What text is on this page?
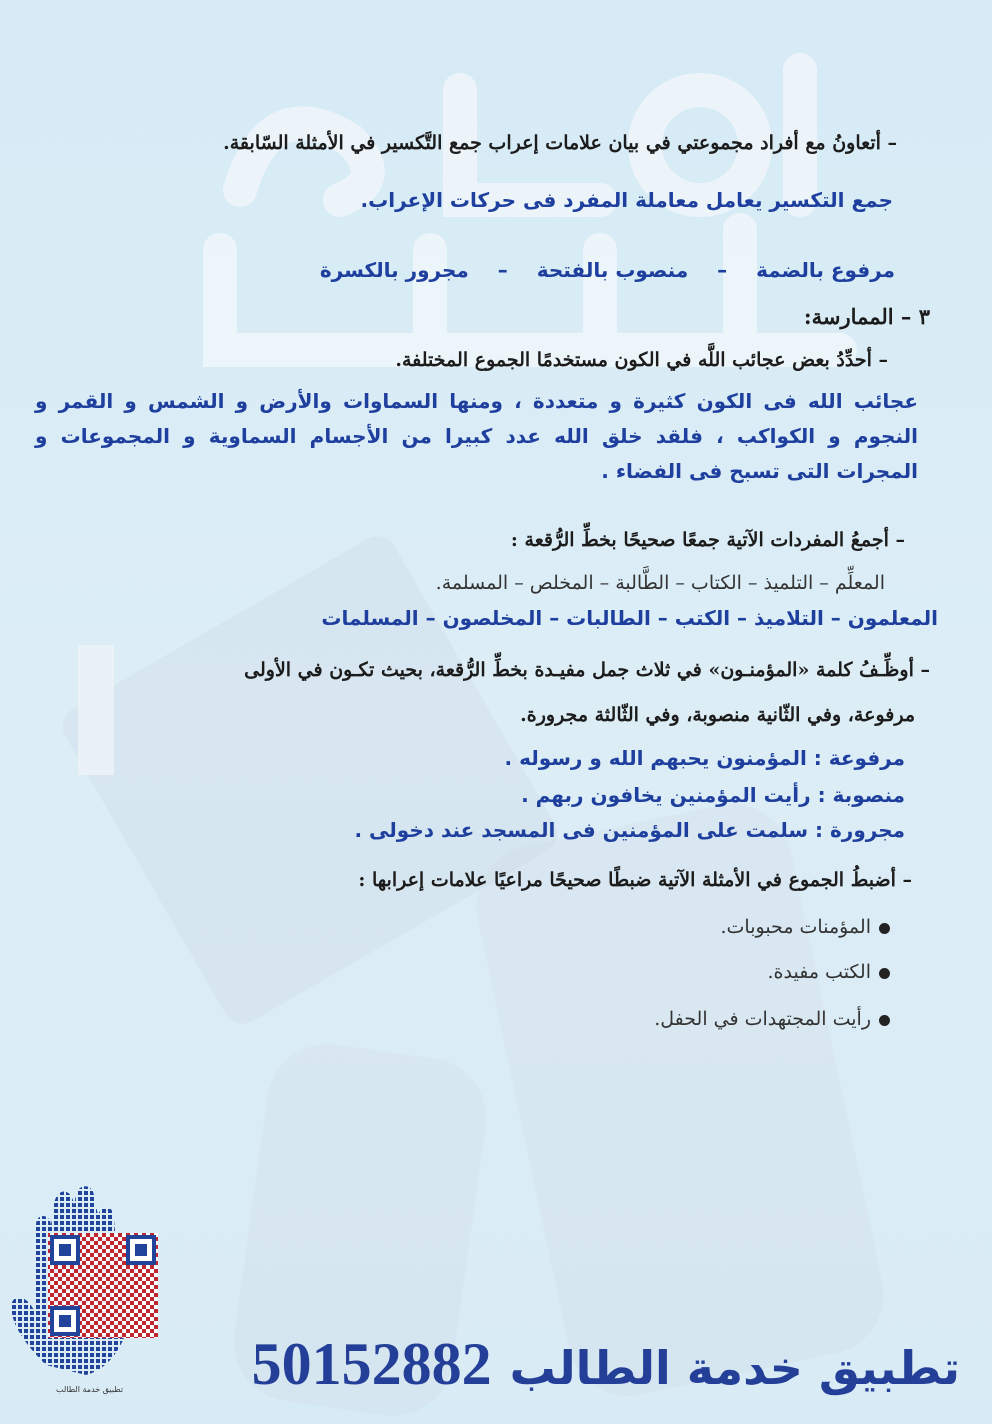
– أتعاونُ مع أفراد مجموعتي في بيان علامات إعراب جمع التَّكسير في الأمثلة السّابقة.
جمع التكسير يعامل معاملة المفرد فى حركات الإعراب.
مرفوع بالضمة – منصوب بالفتحة – مجرور بالكسرة
٣ – الممارسة:
– أحدِّدُ بعض عجائب اللَّه في الكون مستخدمًا الجموع المختلفة.
عجائب الله فى الكون كثيرة و متعددة ، ومنها السماوات والأرض و الشمس و القمر و النجوم و الكواكب ، فلقد خلق الله عدد كبيرا من الأجسام السماوية و المجموعات و المجرات التى تسبح فى الفضاء .
– أجمعُ المفردات الآتية جمعًا صحيحًا بخطِّ الرُّقعة :
المعلِّم – التلميذ – الكتاب – الطَّالبة – المخلص – المسلمة.
المعلمون – التلاميذ – الكتب – الطالبات – المخلصون – المسلمات
– أوظِّـفُ كلمة «المؤمنـون» في ثلاث جمل مفيـدة بخطِّ الرُّقعة، بحيث تكـون في الأولى
مرفوعة، وفي الثّانية منصوبة، وفي الثّالثة مجرورة.
مرفوعة : المؤمنون يحبهم الله و رسوله .
منصوبة : رأيت المؤمنين يخافون ربهم .
مجرورة : سلمت على المؤمنين فى المسجد عند دخولى .
– أضبطُ الجموع في الأمثلة الآتية ضبطًا صحيحًا مراعيًا علامات إعرابها :
المؤمنات محبوبات.
الكتب مفيدة.
رأيت المجتهدات في الحفل.
تطبيق خدمة الطالب	تطبيق خدمة الطالب50152882
